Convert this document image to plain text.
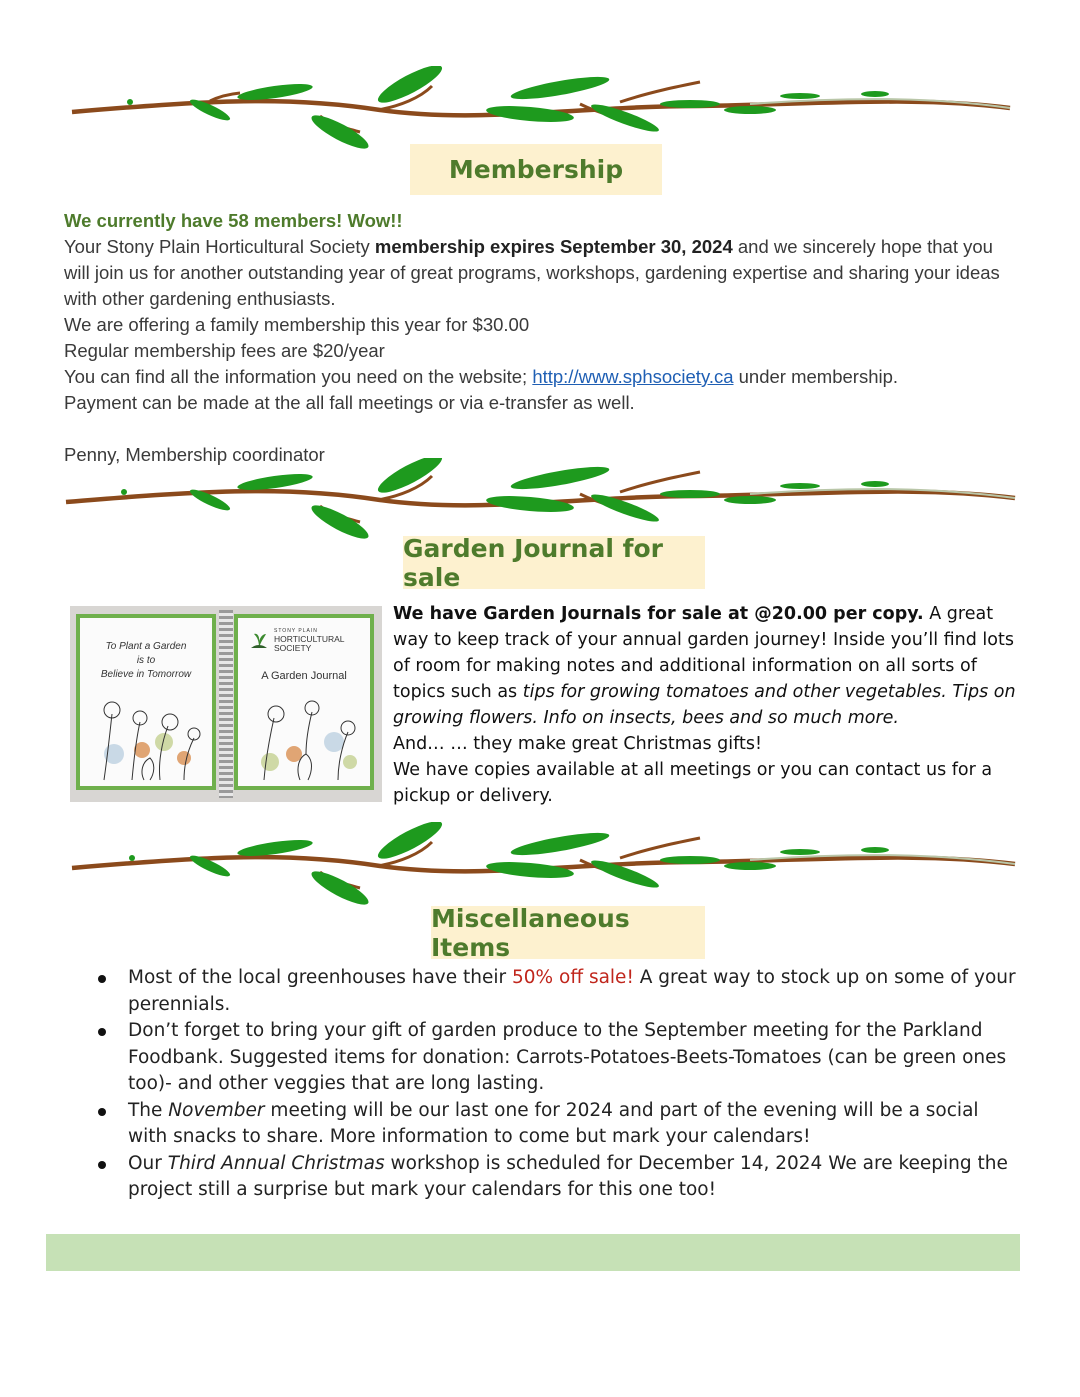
Membership
We currently have 58 members! Wow!!
Your Stony Plain Horticultural Society membership expires September 30, 2024 and we sincerely hope that you will join us for another outstanding year of great programs, workshops, gardening expertise and sharing your ideas with other gardening enthusiasts.
We are offering a family membership this year for $30.00
Regular membership fees are $20/year
You can find all the information you need on the website; http://www.sphsociety.ca under membership.
Payment can be made at the all fall meetings or via e-transfer as well.
Penny, Membership coordinator
Garden Journal for sale
To Plant a Garden
is to
Believe in Tomorrow
STONY PLAIN
HORTICULTURAL
SOCIETY
A Garden Journal
We have Garden Journals for sale at @20.00 per copy. A great way to keep track of your annual garden journey! Inside you’ll find lots of room for making notes and additional information on all sorts of topics such as tips for growing tomatoes and other vegetables. Tips on growing flowers. Info on insects, bees and so much more.
And… … they make great Christmas gifts!
We have copies available at all meetings or you can contact us for a pickup or delivery.
Miscellaneous Items
Most of the local greenhouses have their 50% off sale! A great way to stock up on some of your perennials.
Don’t forget to bring your gift of garden produce to the September meeting for the Parkland Foodbank. Suggested items for donation: Carrots-Potatoes-Beets-Tomatoes (can be green ones too)- and other veggies that are long lasting.
The November meeting will be our last one for 2024 and part of the evening will be a social with snacks to share. More information to come but mark your calendars!
Our Third Annual Christmas workshop is scheduled for December 14, 2024 We are keeping the project still a surprise but mark your calendars for this one too!
